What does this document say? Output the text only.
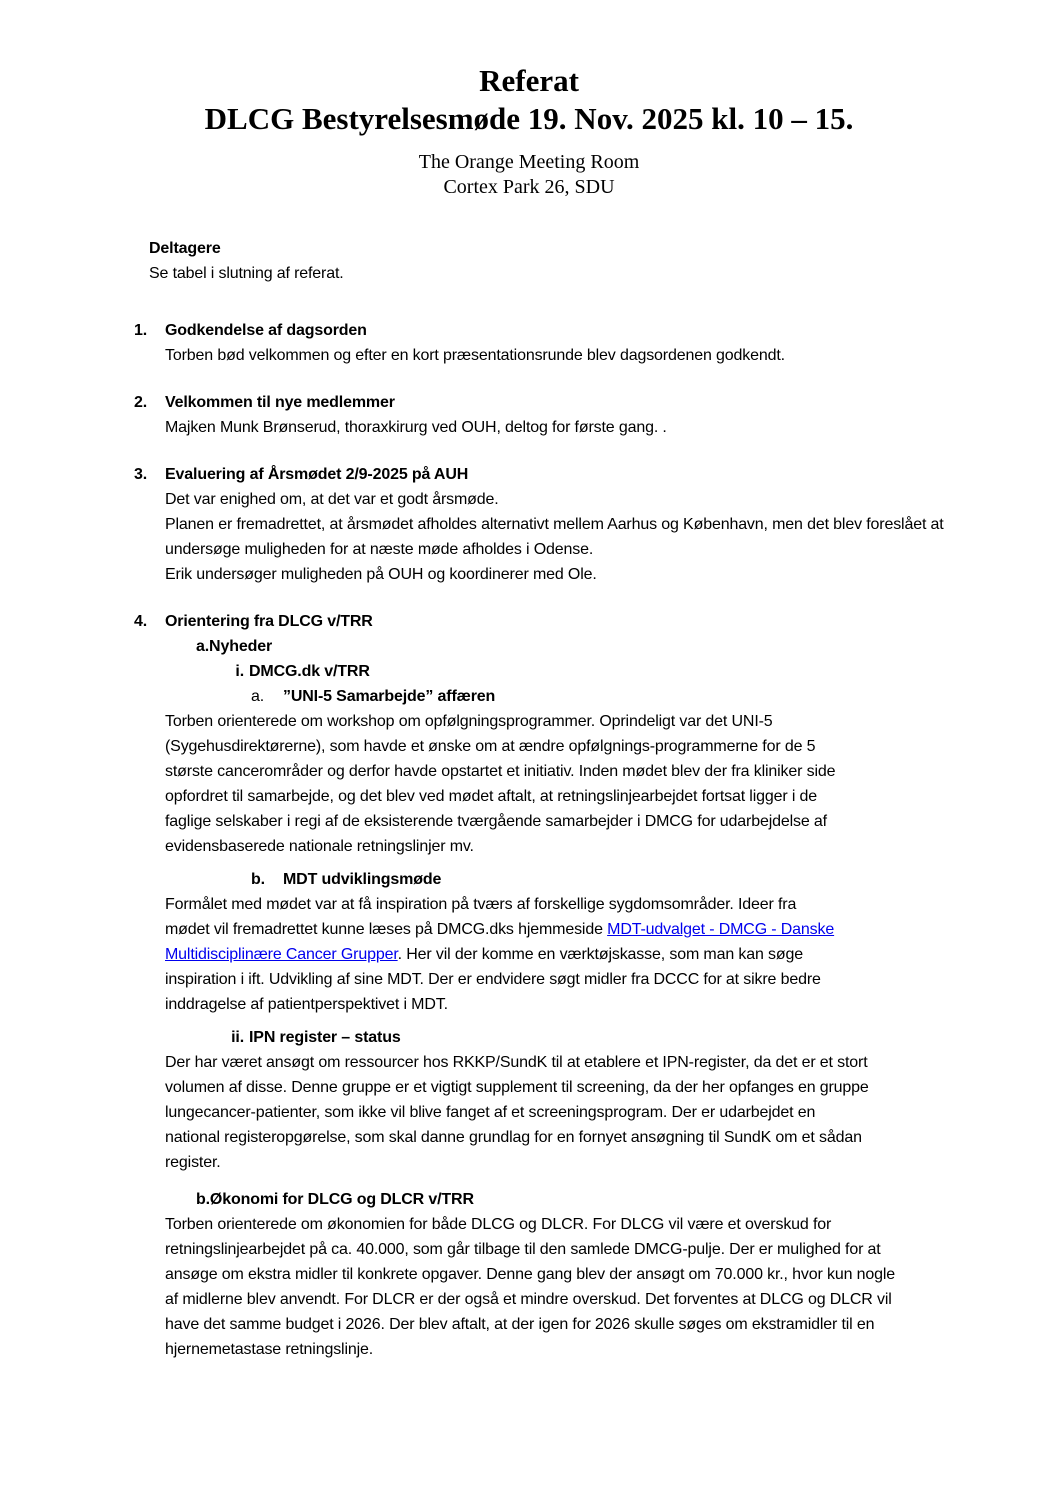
Referat
DLCG Bestyrelsesmøde 19. Nov. 2025 kl. 10 – 15.

The Orange Meeting Room

Cortex Park 26, SDU

Deltagere
Se tabel i slutning af referat.
1.	Godkendelse af dagsorden

Torben bød velkommen og efter en kort præsentationsrunde blev dagsordenen godkendt.

2.	Velkommen til nye medlemmer

Majken Munk Brønserud, thoraxkirurg ved OUH, deltog for første gang. .

3.	Evaluering af Årsmødet 2/9-2025 på AUH

Det var enighed om, at det var et godt årsmøde.

Planen er fremadrettet, at årsmødet afholdes alternativt mellem Aarhus og København, men det blev foreslået at undersøge muligheden for at næste møde afholdes i Odense.

Erik undersøger muligheden på OUH og koordinerer med Ole.

4.	Orientering fra DLCG v/TRR
a.Nyheder
i. DMCG.dk v/TRR
a. ”UNI-5 Samarbejde” affæren

Torben orienterede om workshop om opfølgningsprogrammer. Oprindeligt var det UNI-5 (Sygehusdirektørerne), som havde et ønske om at ændre opfølgnings-programmerne for de 5 største cancerområder og derfor havde opstartet et initiativ. Inden mødet blev der fra kliniker side opfordret til samarbejde, og det blev ved mødet aftalt, at retningslinjearbejdet fortsat ligger i de faglige selskaber i regi af de eksisterende tværgående samarbejder i DMCG for udarbejdelse af evidensbaserede nationale retningslinjer mv.

b. MDT udviklingsmøde

Formålet med mødet var at få inspiration på tværs af forskellige sygdomsområder. Ideer fra mødet vil fremadrettet kunne læses på DMCG.dks hjemmeside MDT-udvalget - DMCG - Danske Multidisciplinære Cancer Grupper. Her vil der komme en værktøjskasse, som man kan søge inspiration i ift. Udvikling af sine MDT. Der er endvidere søgt midler fra DCCC for at sikre bedre inddragelse af patientperspektivet i MDT.

ii. IPN register – status

Der har været ansøgt om ressourcer hos RKKP/SundK til at etablere et IPN-register, da det er et stort volumen af disse. Denne gruppe er et vigtigt supplement til screening, da der her opfanges en gruppe lungecancer-patienter, som ikke vil blive fanget af et screeningsprogram. Der er udarbejdet en national registeropgørelse, som skal danne grundlag for en fornyet ansøgning til SundK om et sådan register.

b.Økonomi for DLCG og DLCR v/TRR

Torben orienterede om økonomien for både DLCG og DLCR. For DLCG vil være et overskud for retningslinjearbejdet på ca. 40.000, som går tilbage til den samlede DMCG-pulje. Der er mulighed for at ansøge om ekstra midler til konkrete opgaver. Denne gang blev der ansøgt om 70.000 kr., hvor kun nogle af midlerne blev anvendt. For DLCR er der også et mindre overskud. Det forventes at DLCG og DLCR vil have det samme budget i 2026. Der blev aftalt, at der igen for 2026 skulle søges om ekstramidler til en hjernemetastase retningslinje.
